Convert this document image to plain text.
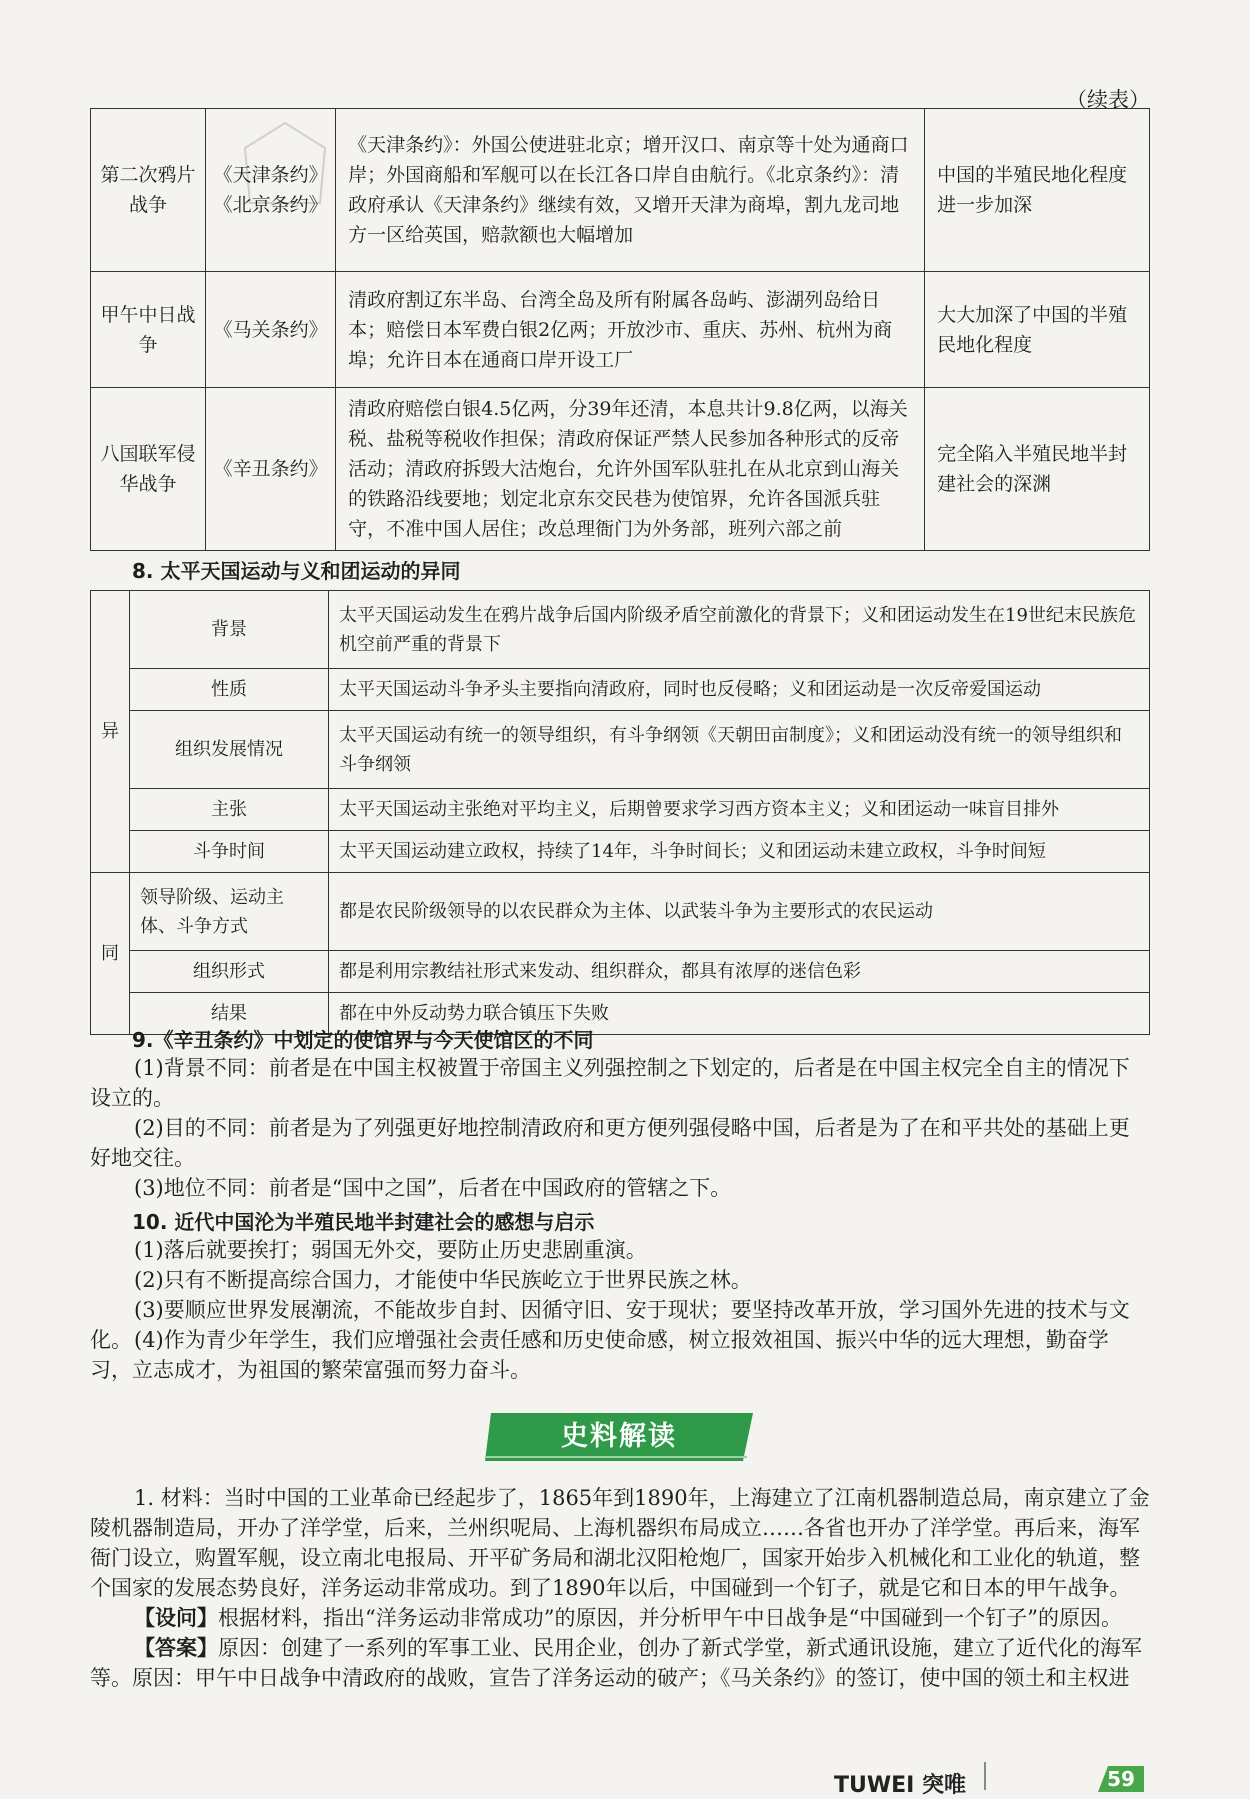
（续表）
第二次鸦片战争	《天津条约》《北京条约》	《天津条约》：外国公使进驻北京；增开汉口、南京等十处为通商口岸；外国商船和军舰可以在长江各口岸自由航行。《北京条约》：清政府承认《天津条约》继续有效，又增开天津为商埠，割九龙司地方一区给英国，赔款额也大幅增加	中国的半殖民地化程度进一步加深
甲午中日战争	《马关条约》	清政府割辽东半岛、台湾全岛及所有附属各岛屿、澎湖列岛给日本；赔偿日本军费白银2亿两；开放沙市、重庆、苏州、杭州为商埠；允许日本在通商口岸开设工厂	大大加深了中国的半殖民地化程度
八国联军侵华战争	《辛丑条约》	清政府赔偿白银4.5亿两，分39年还清，本息共计9.8亿两，以海关税、盐税等税收作担保；清政府保证严禁人民参加各种形式的反帝活动；清政府拆毁大沽炮台，允许外国军队驻扎在从北京到山海关的铁路沿线要地；划定北京东交民巷为使馆界，允许各国派兵驻守，不准中国人居住；改总理衙门为外务部，班列六部之前	完全陷入半殖民地半封建社会的深渊
8. 太平天国运动与义和团运动的异同
异	背景	太平天国运动发生在鸦片战争后国内阶级矛盾空前激化的背景下；义和团运动发生在19世纪末民族危机空前严重的背景下
	性质	太平天国运动斗争矛头主要指向清政府，同时也反侵略；义和团运动是一次反帝爱国运动
	组织发展情况	太平天国运动有统一的领导组织，有斗争纲领《天朝田亩制度》；义和团运动没有统一的领导组织和斗争纲领
	主张	太平天国运动主张绝对平均主义，后期曾要求学习西方资本主义；义和团运动一味盲目排外
	斗争时间	太平天国运动建立政权，持续了14年，斗争时间长；义和团运动未建立政权，斗争时间短
同	领导阶级、运动主体、斗争方式	都是农民阶级领导的以农民群众为主体、以武装斗争为主要形式的农民运动
	组织形式	都是利用宗教结社形式来发动、组织群众，都具有浓厚的迷信色彩
	结果	都在中外反动势力联合镇压下失败
9.《辛丑条约》中划定的使馆界与今天使馆区的不同
(1)背景不同：前者是在中国主权被置于帝国主义列强控制之下划定的，后者是在中国主权完全自主的情况下设立的。
(2)目的不同：前者是为了列强更好地控制清政府和更方便列强侵略中国，后者是为了在和平共处的基础上更好地交往。
(3)地位不同：前者是“国中之国”，后者在中国政府的管辖之下。
10. 近代中国沦为半殖民地半封建社会的感想与启示
(1)落后就要挨打；弱国无外交，要防止历史悲剧重演。
(2)只有不断提高综合国力，才能使中华民族屹立于世界民族之林。
(3)要顺应世界发展潮流，不能故步自封、因循守旧、安于现状；要坚持改革开放，学习国外先进的技术与文化。 (4)作为青少年学生，我们应增强社会责任感和历史使命感，树立报效祖国、振兴中华的远大理想，勤奋学习，立志成才，为祖国的繁荣富强而努力奋斗。
史料解读
1. 材料：当时中国的工业革命已经起步了，1865年到1890年，上海建立了江南机器制造总局，南京建立了金陵机器制造局，开办了洋学堂，后来，兰州织呢局、上海机器织布局成立……各省也开办了洋学堂。再后来，海军衙门设立，购置军舰，设立南北电报局、开平矿务局和湖北汉阳枪炮厂，国家开始步入机械化和工业化的轨道，整个国家的发展态势良好，洋务运动非常成功。到了1890年以后，中国碰到一个钉子，就是它和日本的甲午战争。
【设问】根据材料，指出“洋务运动非常成功”的原因，并分析甲午中日战争是“中国碰到一个钉子”的原因。
【答案】原因：创建了一系列的军事工业、民用企业，创办了新式学堂，新式通讯设施，建立了近代化的海军等。原因：甲午中日战争中清政府的战败，宣告了洋务运动的破产；《马关条约》的签订，使中国的领土和主权进
TUWEI 突唯	59
